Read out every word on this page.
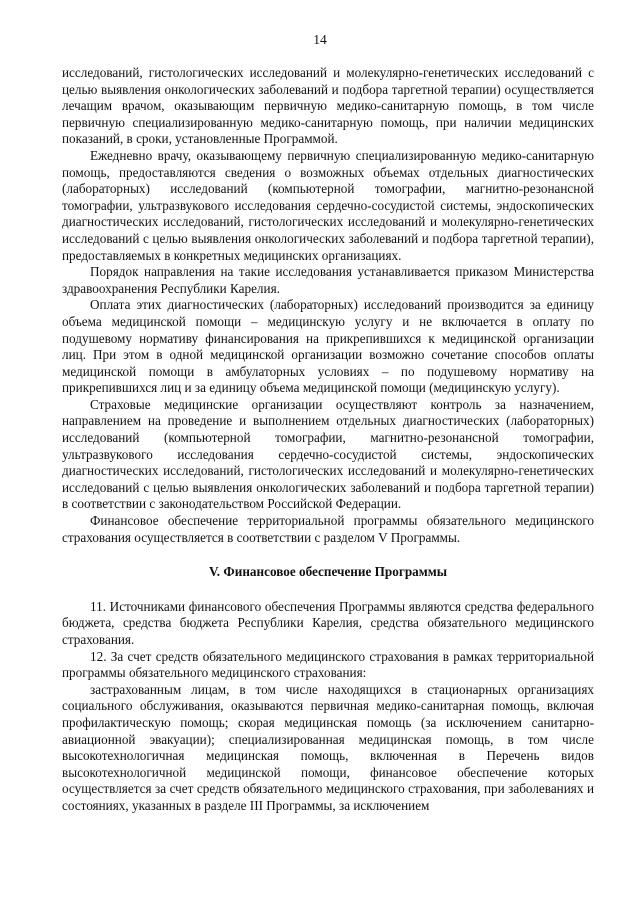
14

исследований, гистологических исследований и молекулярно-генетических исследований с целью выявления онкологических заболеваний и подбора таргетной терапии) осуществляется лечащим врачом, оказывающим первичную медико-санитарную помощь, в том числе первичную специализированную медико-санитарную помощь, при наличии медицинских показаний, в сроки, установленные Программой.

Ежедневно врачу, оказывающему первичную специализированную медико-санитарную помощь, предоставляются сведения о возможных объемах отдельных диагностических (лабораторных) исследований (компьютерной томографии, магнитно-резонансной томографии, ультразвукового исследования сердечно-сосудистой системы, эндоскопических диагностических исследований, гистологических исследований и молекулярно-генетических исследований с целью выявления онкологических заболеваний и подбора таргетной терапии), предоставляемых в конкретных медицинских организациях.

Порядок направления на такие исследования устанавливается приказом Министерства здравоохранения Республики Карелия.

Оплата этих диагностических (лабораторных) исследований производится за единицу объема медицинской помощи – медицинскую услугу и не включается в оплату по подушевому нормативу финансирования на прикрепившихся к медицинской организации лиц. При этом в одной медицинской организации возможно сочетание способов оплаты медицинской помощи в амбулаторных условиях – по подушевому нормативу на прикрепившихся лиц и за единицу объема медицинской помощи (медицинскую услугу).

Страховые медицинские организации осуществляют контроль за назначением, направлением на проведение и выполнением отдельных диагностических (лабораторных) исследований (компьютерной томографии, магнитно-резонансной томографии, ультразвукового исследования сердечно-сосудистой системы, эндоскопических диагностических исследований, гистологических исследований и молекулярно-генетических исследований с целью выявления онкологических заболеваний и подбора таргетной терапии) в соответствии с законодательством Российской Федерации.

Финансовое обеспечение территориальной программы обязательного медицинского страхования осуществляется в соответствии с разделом V Программы.

V. Финансовое обеспечение Программы

11. Источниками финансового обеспечения Программы являются средства федерального бюджета, средства бюджета Республики Карелия, средства обязательного медицинского страхования.

12. За счет средств обязательного медицинского страхования в рамках территориальной программы обязательного медицинского страхования:

застрахованным лицам, в том числе находящихся в стационарных организациях социального обслуживания, оказываются первичная медико-санитарная помощь, включая профилактическую помощь; скорая медицинская помощь (за исключением санитарно-авиационной эвакуации); специализированная медицинская помощь, в том числе высокотехнологичная медицинская помощь, включенная в Перечень видов высокотехнологичной медицинской помощи, финансовое обеспечение которых осуществляется за счет средств обязательного медицинского страхования, при заболеваниях и состояниях, указанных в разделе III Программы, за исключением
